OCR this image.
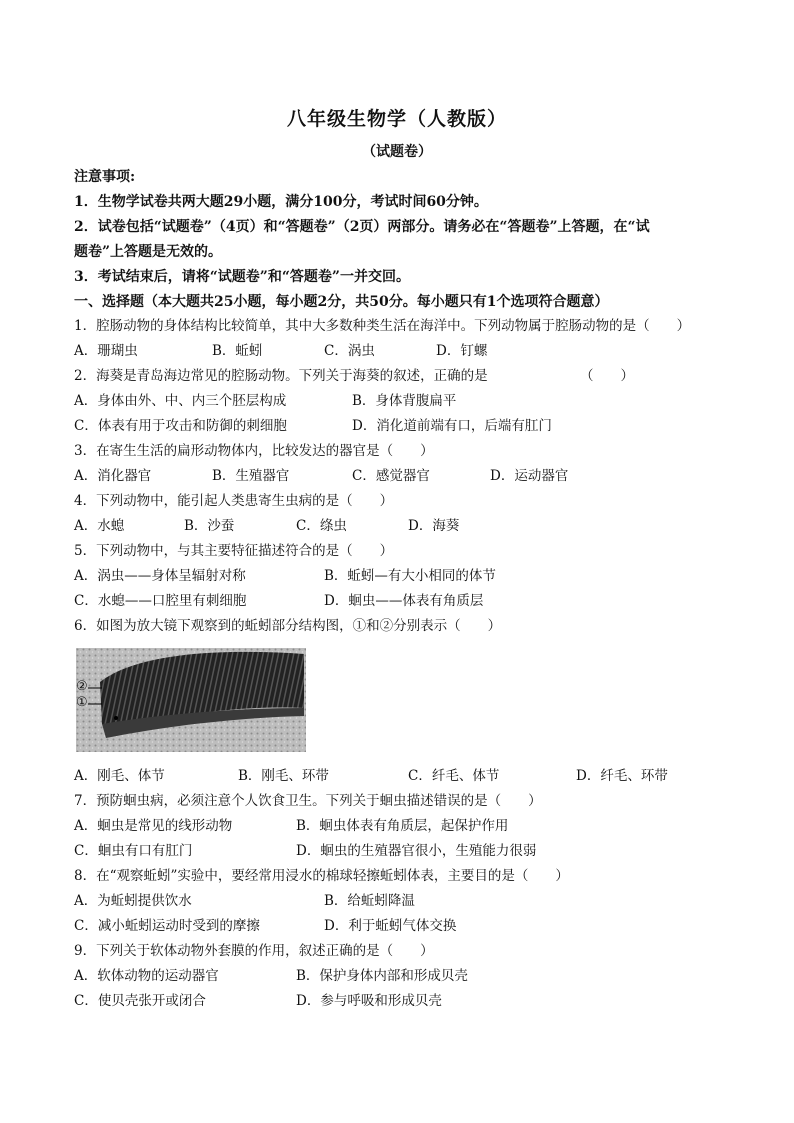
八年级生物学（人教版）
（试题卷）
注意事项:
1．生物学试卷共两大题29小题，满分100分，考试时间60分钟。
2．试卷包括“试题卷”（4页）和“答题卷”（2页）两部分。请务必在“答题卷”上答题，在“试
题卷”上答题是无效的。
3．考试结束后，请将“试题卷”和“答题卷”一并交回。
一、选择题（本大题共25小题，每小题2分，共50分。每小题只有1个选项符合题意）
1．腔肠动物的身体结构比较简单，其中大多数种类生活在海洋中。下列动物属于腔肠动物的是（　　）
A．珊瑚虫	B．蚯蚓	C．涡虫	D．钉螺
2．海葵是青岛海边常见的腔肠动物。下列关于海葵的叙述，正确的是	（　　）
A．身体由外、中、内三个胚层构成	B．身体背腹扁平
C．体表有用于攻击和防御的刺细胞	D．消化道前端有口，后端有肛门
3．在寄生生活的扁形动物体内，比较发达的器官是（　　）
A．消化器官	B．生殖器官	C．感觉器官	D．运动器官
4．下列动物中，能引起人类患寄生虫病的是（　　）
A．水螅	B．沙蚕	C．绦虫	D．海葵
5．下列动物中，与其主要特征描述符合的是（　　）
A．涡虫——身体呈辐射对称	B．蚯蚓—有大小相同的体节
C．水螅——口腔里有刺细胞	D．蛔虫——体表有角质层
6．如图为放大镜下观察到的蚯蚓部分结构图，①和②分别表示（　　）
②
①
A．刚毛、体节	B．刚毛、环带	C．纤毛、体节	D．纤毛、环带
7．预防蛔虫病，必须注意个人饮食卫生。下列关于蛔虫描述错误的是（　　）
A．蛔虫是常见的线形动物	B．蛔虫体表有角质层，起保护作用
C．蛔虫有口有肛门	D．蛔虫的生殖器官很小，生殖能力很弱
8．在“观察蚯蚓”实验中，要经常用浸水的棉球轻擦蚯蚓体表，主要目的是（　　）
A．为蚯蚓提供饮水	B．给蚯蚓降温
C．减小蚯蚓运动时受到的摩擦	D．利于蚯蚓气体交换
9．下列关于软体动物外套膜的作用，叙述正确的是（　　）
A．软体动物的运动器官	B．保护身体内部和形成贝壳
C．使贝壳张开或闭合	D．参与呼吸和形成贝壳
